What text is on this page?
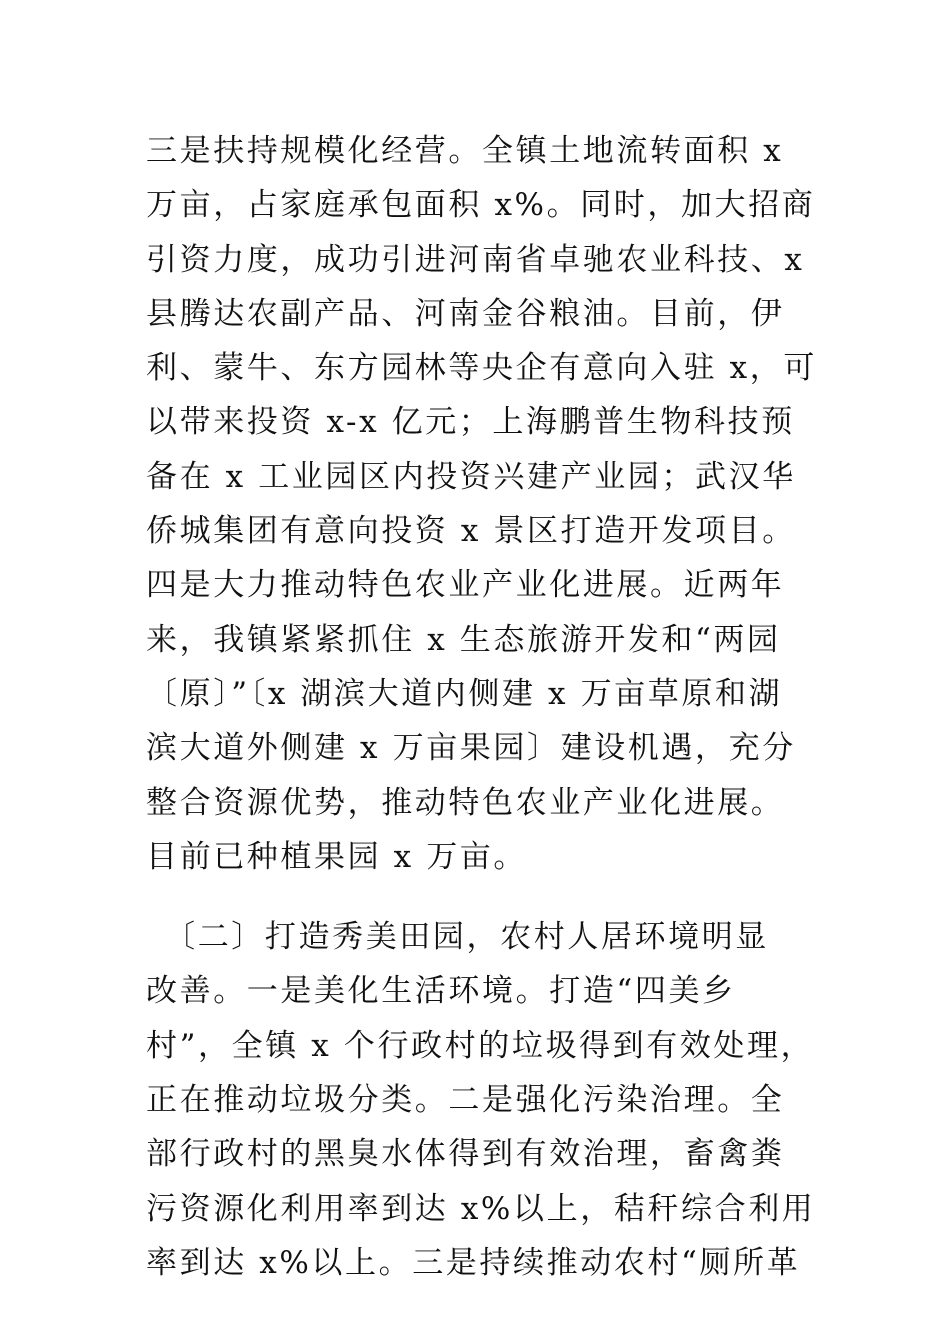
三是扶持规模化经营。全镇土地流转面积 x
万亩，占家庭承包面积 x%。同时，加大招商
引资力度，成功引进河南省卓驰农业科技、x
县腾达农副产品、河南金谷粮油。目前，伊
利、蒙牛、东方园林等央企有意向入驻 x，可
以带来投资 x-x 亿元；上海鹏普生物科技预
备在 x 工业园区内投资兴建产业园；武汉华
侨城集团有意向投资 x 景区打造开发项目。
四是大力推动特色农业产业化进展。近两年
来，我镇紧紧抓住 x 生态旅游开发和“两园
〔原〕”〔x 湖滨大道内侧建 x 万亩草原和湖
滨大道外侧建 x 万亩果园〕建设机遇，充分
整合资源优势，推动特色农业产业化进展。
目前已种植果园 x 万亩。
　〔二〕打造秀美田园，农村人居环境明显
改善。一是美化生活环境。打造“四美乡
村”，全镇 x 个行政村的垃圾得到有效处理，
正在推动垃圾分类。二是强化污染治理。全
部行政村的黑臭水体得到有效治理，畜禽粪
污资源化利用率到达 x%以上，秸秆综合利用
率到达 x%以上。三是持续推动农村“厕所革
